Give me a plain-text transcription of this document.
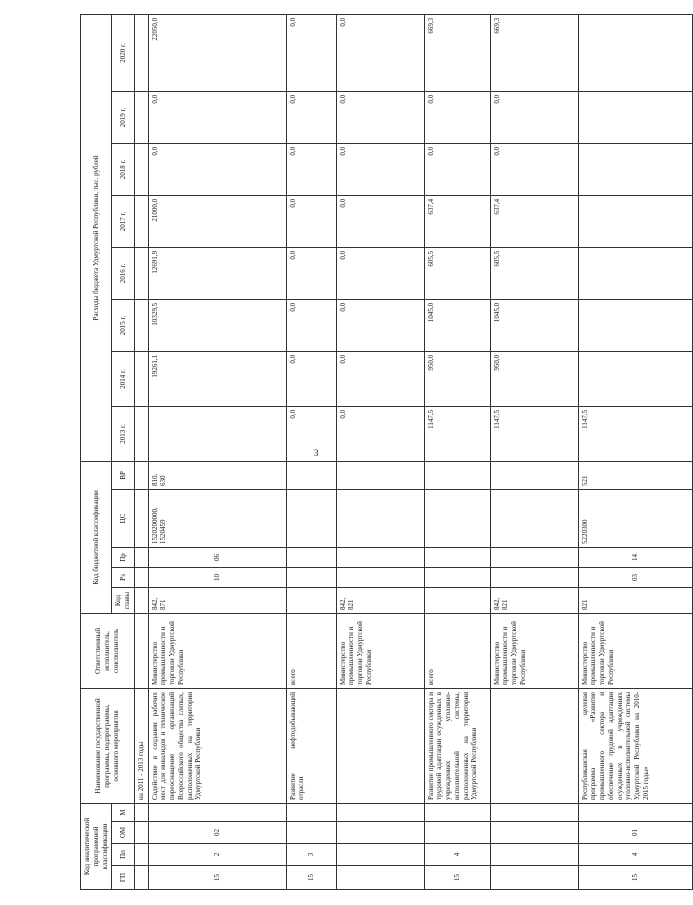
3
Код аналитической программной классификации				Наименование государственной программы, подпрограммы, основного мероприятия	Ответственный исполнитель, соисполнитель	Код бюджетной классификации					Расходы бюджета Удмуртской Республики, тыс. рублей							
ГП	Пп	ОМ	М			Код главы	Рз	Пр	ЦС	ВР	2013 г.	2014 г.	2015 г.	2016 г.	2017 г.	2018 г.	2019 г.	2020 г.
				на 2011 - 2013 годы														
15	2	02		Содействие в создании рабочих мест для инвалидов и техническое переоснащение организаций Всероссийского общества слепых, расположенных на территории Удмуртской Республики	Министерство промышленности и торговли Удмуртской Республики	842, 871	10	06	1520200000, 1520459	810, 630		19261,1	10329,5	12691,9	21000,0	0,0	0,0	22050,0
15	3			Развитие нефтедобывающей отрасли	всего						0,0	0,0	0,0	0,0	0,0	0,0	0,0	0,0
					Министерство промышленности и торговли Удмуртской Республики	842, 821					0,0	0,0	0,0	0,0	0,0	0,0	0,0	0,0
15	4			Развитие промышленного сектора и трудовой адаптации осужденных в учреждениях уголовно-исполнительной системы, расположенных на территории Удмуртской Республики	всего						1147,5	950,0	1045,0	605,5	637,4	0,0	0,0	669,3
					Министерство промышленности и торговли Удмуртской Республики	842, 821					1147,5	950,0	1045,0	605,5	637,4	0,0	0,0	669,3
15	4	01		Республиканская целевая программа «Развитие промышленного сектора и обеспечение трудовой адаптации осужденных в учреждениях уголовно-исполнительной системы Удмуртской Республики на 2010-2015 годы»	Министерство промышленности и торговли Удмуртской Республики	821	03	14	5220300	521	1147,5							
